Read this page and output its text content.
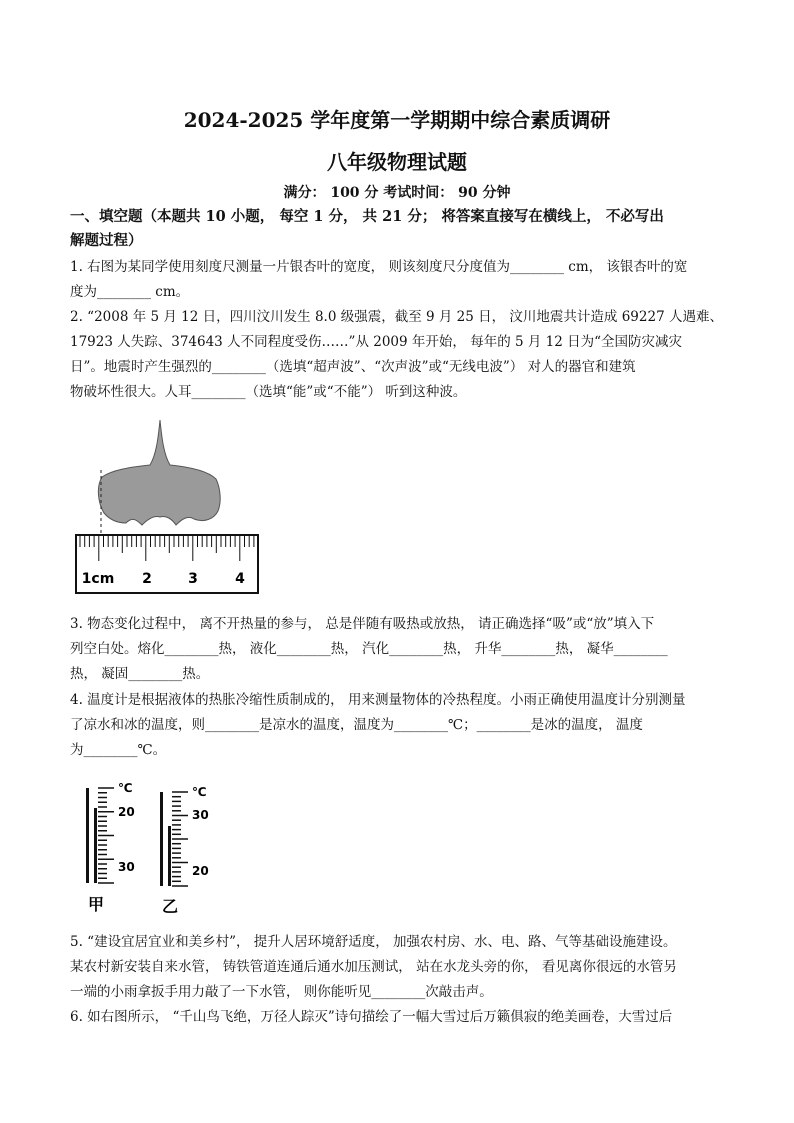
2024-2025 学年度第一学期期中综合素质调研
八年级物理试题
满分： 100 分 考试时间： 90 分钟
一、填空题（本题共 10 小题， 每空 1 分， 共 21 分； 将答案直接写在横线上， 不必写出
解题过程）
1. 右图为某同学使用刻度尺测量一片银杏叶的宽度， 则该刻度尺分度值为________ cm， 该银杏叶的宽
度为________ cm。
2. “2008 年 5 月 12 日，四川汶川发生 8.0 级强震，截至 9 月 25 日， 汶川地震共计造成 69227 人遇难、
17923 人失踪、374643 人不同程度受伤……”从 2009 年开始， 每年的 5 月 12 日为“全国防灾减灾
日”。地震时产生强烈的________（选填“超声波”、“次声波”或“无线电波”） 对人的器官和建筑
物破坏性很大。人耳________（选填“能”或“不能”） 听到这种波。
1cm 2	3	4
3. 物态变化过程中， 离不开热量的参与， 总是伴随有吸热或放热， 请正确选择“吸”或“放”填入下
列空白处。熔化________热， 液化________热， 汽化________热， 升华________热， 凝华________
热， 凝固________热。
4. 温度计是根据液体的热胀冷缩性质制成的， 用来测量物体的冷热程度。小雨正确使用温度计分别测量
了凉水和冰的温度，则________是凉水的温度，温度为________℃；________是冰的温度， 温度
为________℃。
℃
20
30
甲
℃
30
20
乙
5. “建设宜居宜业和美乡村”， 提升人居环境舒适度， 加强农村房、水、电、路、气等基础设施建设。
某农村新安装自来水管， 铸铁管道连通后通水加压测试， 站在水龙头旁的你， 看见离你很远的水管另
一端的小雨拿扳手用力敲了一下水管， 则你能听见________次敲击声。
6. 如右图所示， “千山鸟飞绝，万径人踪灭”诗句描绘了一幅大雪过后万籁俱寂的绝美画卷，大雪过后
